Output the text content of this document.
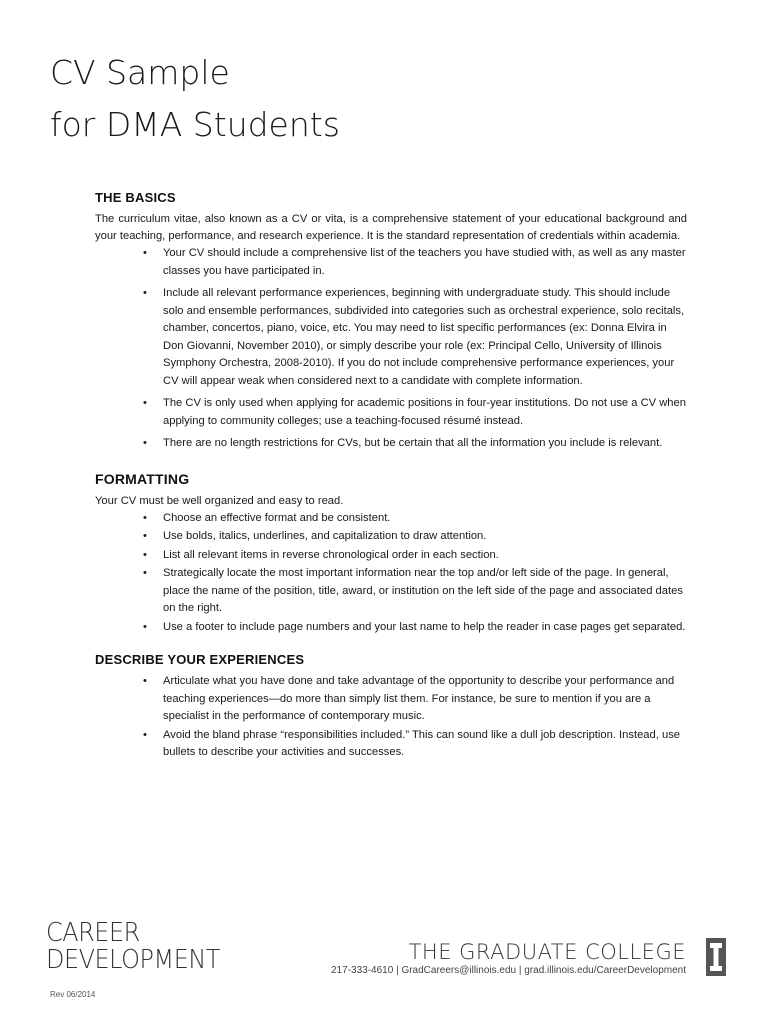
CV Sample
for DMA Students
THE BASICS

The curriculum vitae, also known as a CV or vita, is a comprehensive statement of your educational background and your teaching, performance, and research experience. It is the standard representation of credentials within academia.

• Your CV should include a comprehensive list of the teachers you have studied with, as well as any master classes you have participated in.
• Include all relevant performance experiences, beginning with undergraduate study. This should include solo and ensemble performances, subdivided into categories such as orchestral experience, solo recitals, chamber, concertos, piano, voice, etc. You may need to list specific performances (ex: Donna Elvira in Don Giovanni, November 2010), or simply describe your role (ex: Principal Cello, University of Illinois Symphony Orchestra, 2008-2010). If you do not include comprehensive performance experiences, your CV will appear weak when considered next to a candidate with complete information.
• The CV is only used when applying for academic positions in four-year institutions. Do not use a CV when applying to community colleges; use a teaching-focused résumé instead.
• There are no length restrictions for CVs, but be certain that all the information you include is relevant.
FORMATTING

Your CV must be well organized and easy to read.

• Choose an effective format and be consistent.
• Use bolds, italics, underlines, and capitalization to draw attention.
• List all relevant items in reverse chronological order in each section.
• Strategically locate the most important information near the top and/or left side of the page. In general, place the name of the position, title, award, or institution on the left side of the page and associated dates on the right.
• Use a footer to include page numbers and your last name to help the reader in case pages get separated.
DESCRIBE YOUR EXPERIENCES
• Articulate what you have done and take advantage of the opportunity to describe your performance and teaching experiences—do more than simply list them. For instance, be sure to mention if you are a specialist in the performance of contemporary music.
• Avoid the bland phrase “responsibilities included.” This can sound like a dull job description. Instead, use bullets to describe your activities and successes.
CAREER
DEVELOPMENT
Rev 06/2014
THE GRADUATE COLLEGE
217-333-4610 | GradCareers@illinois.edu | grad.illinois.edu/CareerDevelopment
